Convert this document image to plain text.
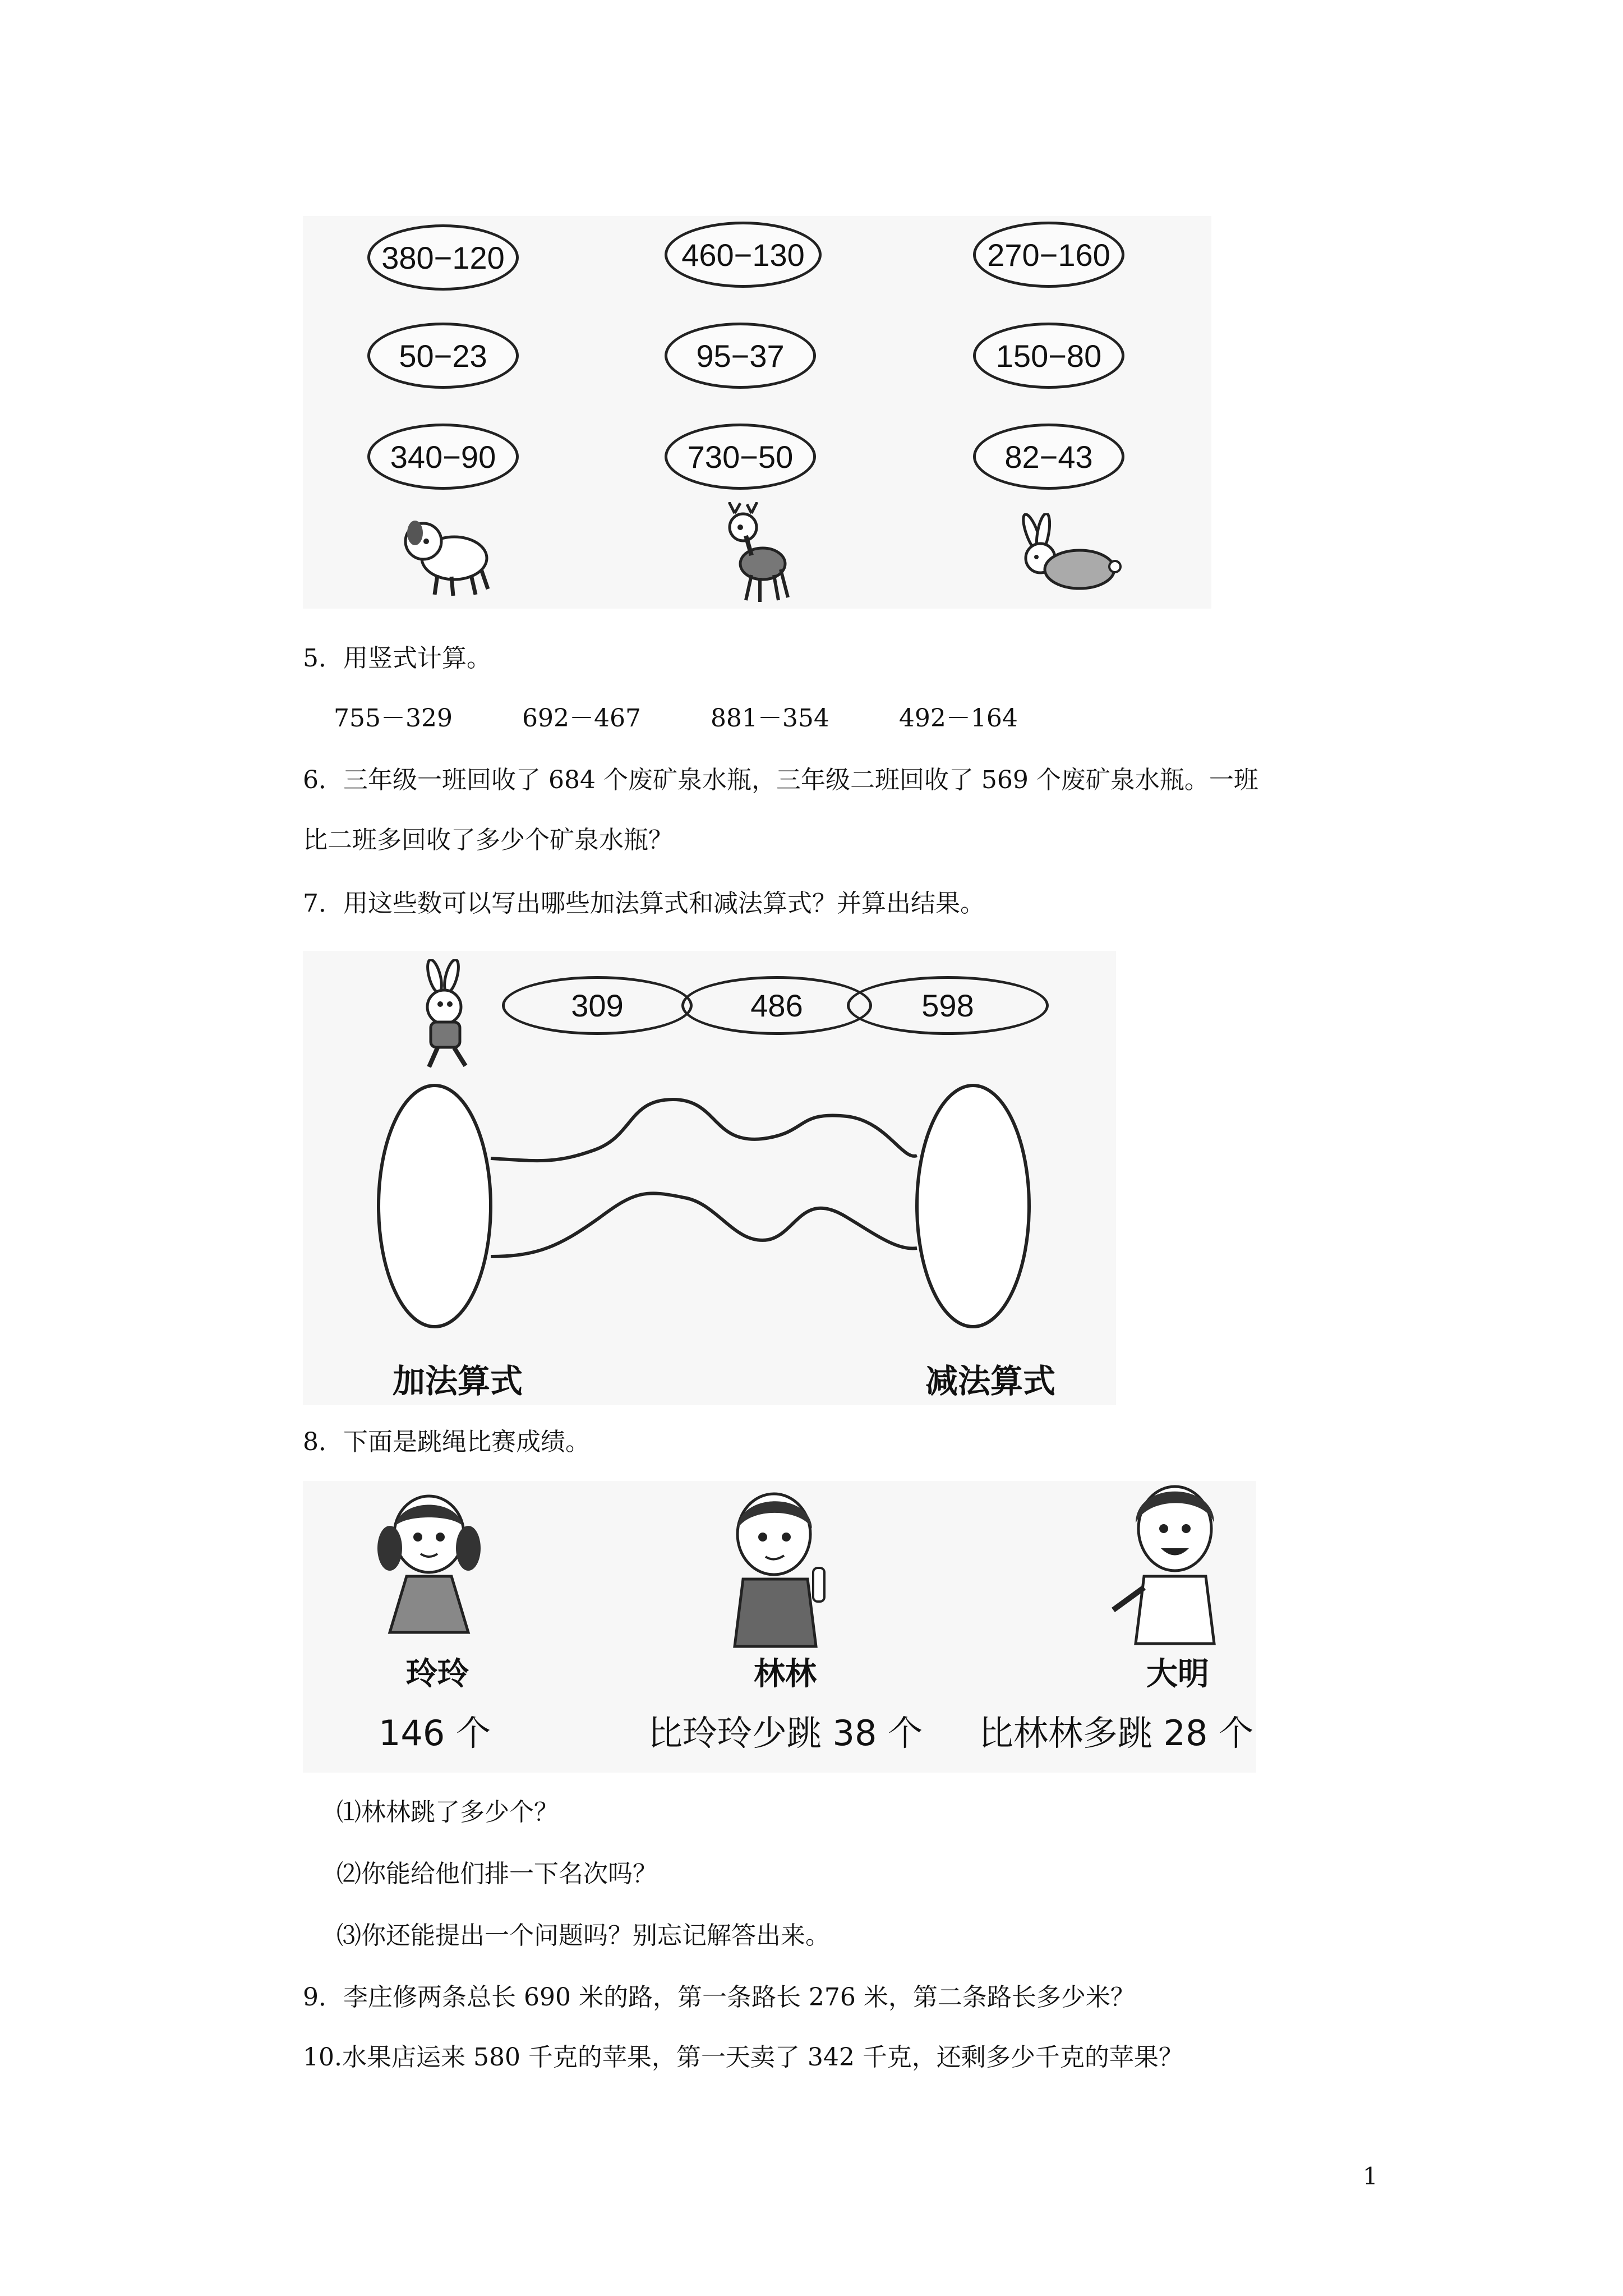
380−120
50−23
340−90
460−130
95−37
730−50
270−160
150−80
82−43
5．用竖式计算。
755－329	692－467	881－354	492－164
6．三年级一班回收了 684 个废矿泉水瓶，三年级二班回收了 569 个废矿泉水瓶。一班
比二班多回收了多少个矿泉水瓶？
7．用这些数可以写出哪些加法算式和减法算式？并算出结果。
309	486	598
加法算式	减法算式
8．下面是跳绳比赛成绩。
玲玲
146 个
林林
比玲玲少跳 38 个
大明
比林林多跳 28 个
⑴林林跳了多少个？
⑵你能给他们排一下名次吗？
⑶你还能提出一个问题吗？别忘记解答出来。
9．李庄修两条总长 690 米的路，第一条路长 276 米，第二条路长多少米？
10.水果店运来 580 千克的苹果，第一天卖了 342 千克，还剩多少千克的苹果？
1
